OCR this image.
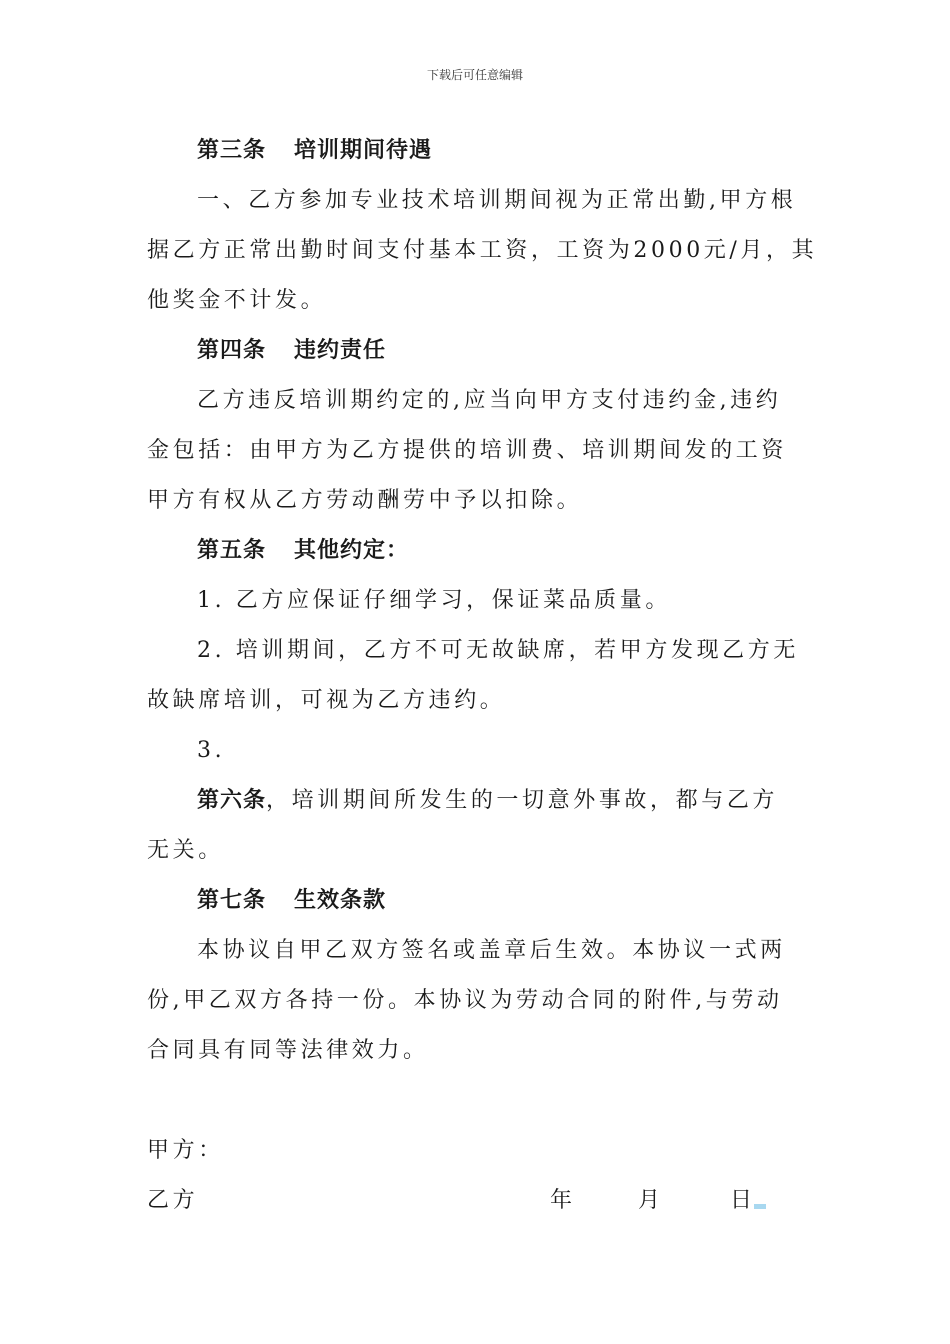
下载后可任意编辑
第三条 培训期间待遇
一、乙方参加专业技术培训期间视为正常出勤,甲方根
据乙方正常出勤时间支付基本工资，工资为2000元/月，其
他奖金不计发。
第四条 违约责任
乙方违反培训期约定的,应当向甲方支付违约金,违约
金包括：由甲方为乙方提供的培训费、培训期间发的工资
甲方有权从乙方劳动酬劳中予以扣除。
第五条 其他约定：
1. 乙方应保证仔细学习，保证菜品质量。
2. 培训期间，乙方不可无故缺席，若甲方发现乙方无
故缺席培训，可视为乙方违约。
3.
第六条，培训期间所发生的一切意外事故，都与乙方
无关。
第七条 生效条款
本协议自甲乙双方签名或盖章后生效。本协议一式两
份,甲乙双方各持一份。本协议为劳动合同的附件,与劳动
合同具有同等法律效力。
甲方：
乙方	年	月	日
